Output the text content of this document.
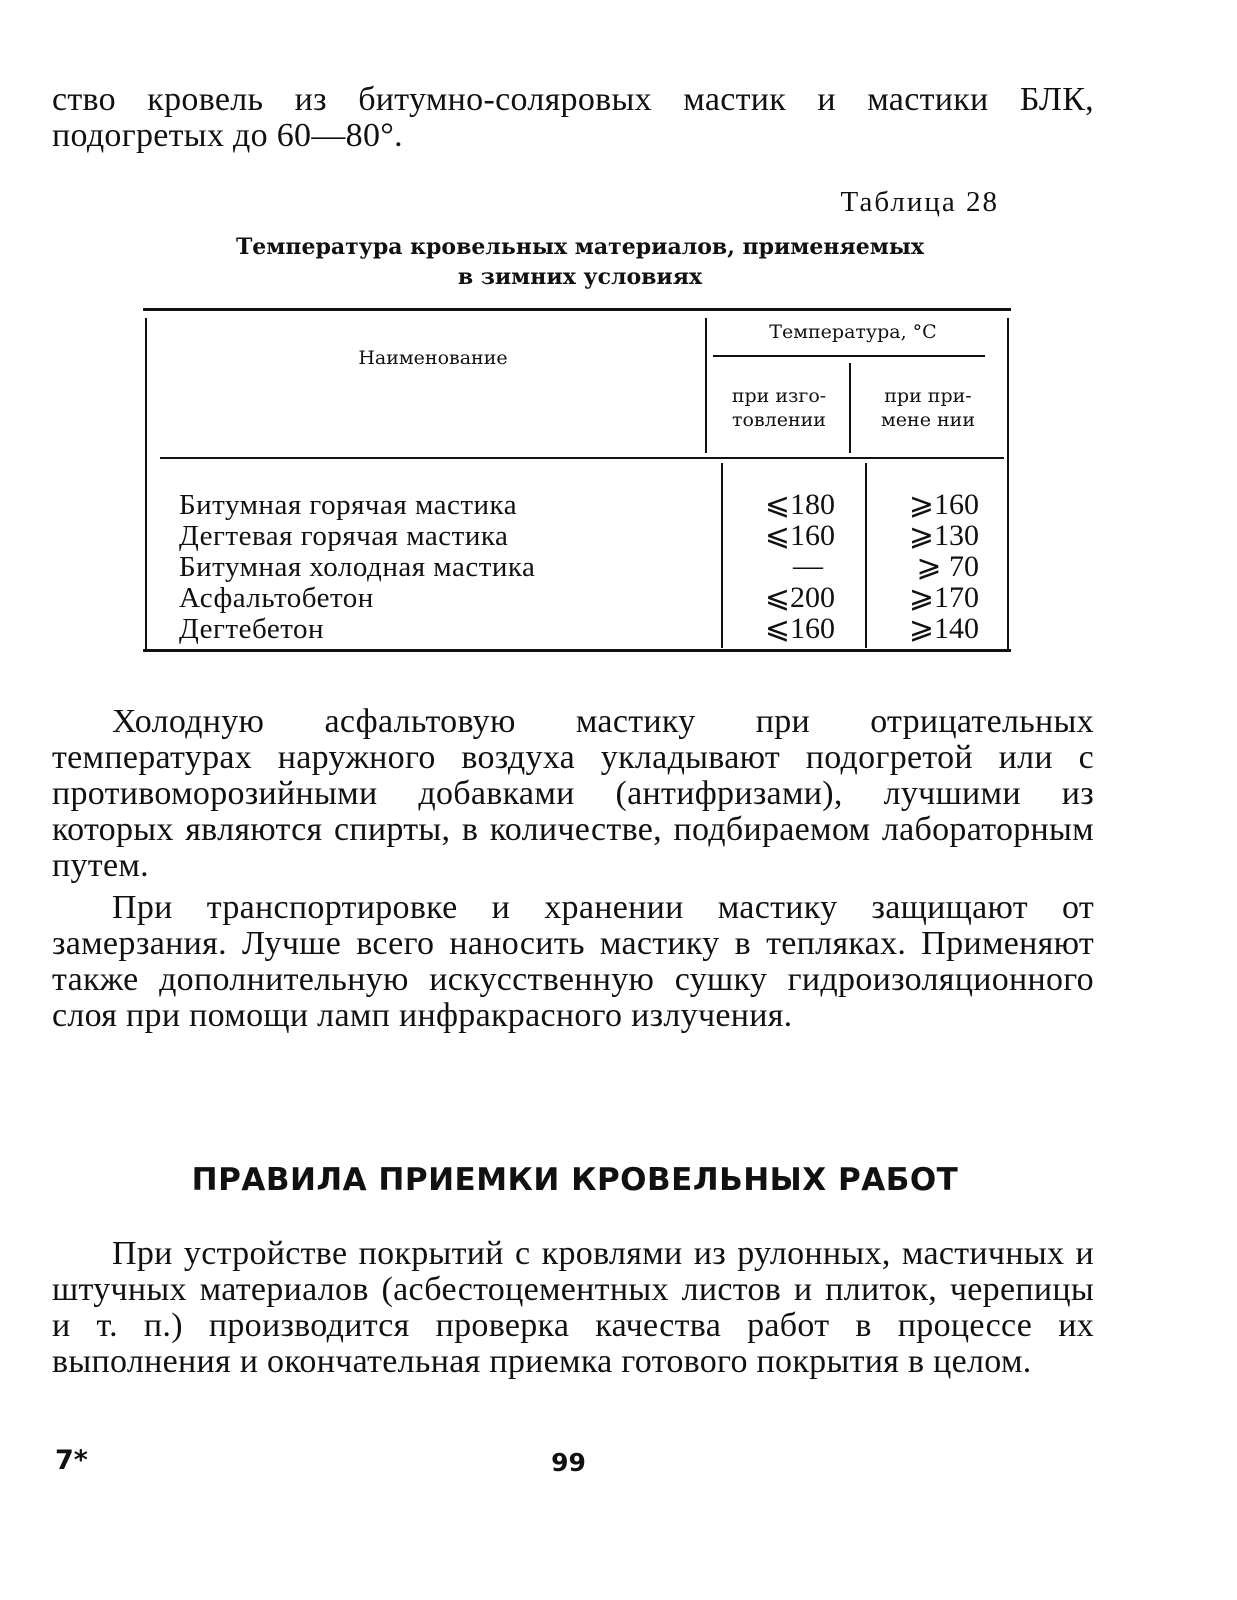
ство кровель из битумно-соляровых мастик и мастики БЛК, подогретых до 60—80°.

Таблица 28
Температура кровельных материалов, применяемых
в зимних условиях
Наименование
Температура, °С
при изго-
товлении
при при-
мене нии
Битумная горячая мастика	⩽180	⩾160
Дегтевая горячая мастика	⩽160	⩾130
Битумная холодная мастика	—	⩾ 70
Асфальтобетон	⩽200	⩾170
Дегтебетон	⩽160	⩾140

Холодную асфальтовую мастику при отрицательных температурах наружного воздуха укладывают подогретой или с противоморозийными добавками (антифризами), лучшими из которых являются спирты, в количестве, подбираемом лабораторным путем.

При транспортировке и хранении мастику защищают от замерзания. Лучше всего наносить мастику в тепляках. Применяют также дополнительную искусственную сушку гидроизоляционного слоя при помощи ламп инфракрасного излучения.

ПРАВИЛА ПРИЕМКИ КРОВЕЛЬНЫХ РАБОТ

При устройстве покрытий с кровлями из рулонных, мастичных и штучных материалов (асбестоцементных листов и плиток, черепицы и т. п.) производится проверка качества работ в процессе их выполнения и окончательная приемка готового покрытия в целом.

7*	99
